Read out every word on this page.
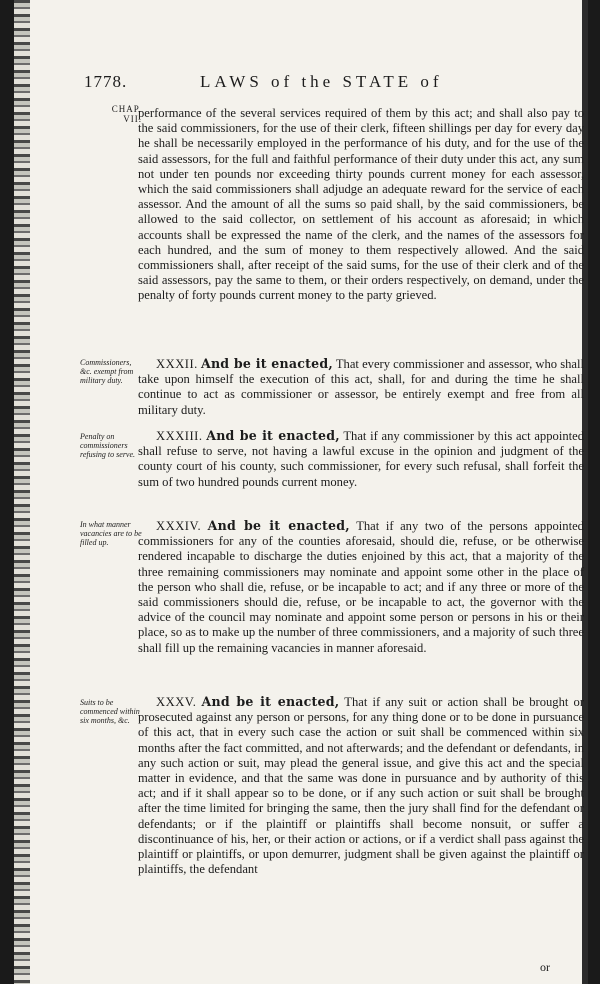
1778.	LAWS of the STATE of
CHAP. VII.

performance of the several services required of them by this act; and shall also pay to the said commissioners, for the use of their clerk, fifteen shillings per day for every day he shall be necessarily employed in the performance of his duty, and for the use of the said assessors, for the full and faithful performance of their duty under this act, any sum not under ten pounds nor exceeding thirty pounds current money for each assessor, which the said commissioners shall adjudge an adequate reward for the service of each assessor. And the amount of all the sums so paid shall, by the said commissioners, be allowed to the said collector, on settlement of his account as aforesaid; in which accounts shall be expressed the name of the clerk, and the names of the assessors for each hundred, and the sum of money to them respectively allowed. And the said commissioners shall, after receipt of the said sums, for the use of their clerk and of the said assessors, pay the same to them, or their orders respectively, on demand, under the penalty of forty pounds current money to the party grieved.

Commissioners, &c. exempt from military duty.

XXXII. And be it enacted, That every commissioner and assessor, who shall take upon himself the execution of this act, shall, for and during the time he shall continue to act as commissioner or assessor, be entirely exempt and free from all military duty.

Penalty on commissioners refusing to serve.

XXXIII. And be it enacted, That if any commissioner by this act appointed shall refuse to serve, not having a lawful excuse in the opinion and judgment of the county court of his county, such commissioner, for every such refusal, shall forfeit the sum of two hundred pounds current money.

In what manner vacancies are to be filled up.

XXXIV. And be it enacted, That if any two of the persons appointed commissioners for any of the counties aforesaid, should die, refuse, or be otherwise rendered incapable to discharge the duties enjoined by this act, that a majority of the three remaining commissioners may nominate and appoint some other in the place of the person who shall die, refuse, or be incapable to act; and if any three or more of the said commissioners should die, refuse, or be incapable to act, the governor with the advice of the council may nominate and appoint some person or persons in his or their place, so as to make up the number of three commissioners, and a majority of such three shall fill up the remaining vacancies in manner aforesaid.

Suits to be commenced within six months, &c.

XXXV. And be it enacted, That if any suit or action shall be brought or prosecuted against any person or persons, for any thing done or to be done in pursuance of this act, that in every such case the action or suit shall be commenced within six months after the fact committed, and not afterwards; and the defendant or defendants, in any such action or suit, may plead the general issue, and give this act and the special matter in evidence, and that the same was done in pursuance and by authority of this act; and if it shall appear so to be done, or if any such action or suit shall be brought after the time limited for bringing the same, then the jury shall find for the defendant or defendants; or if the plaintiff or plaintiffs shall become nonsuit, or suffer a discontinuance of his, her, or their action or actions, or if a verdict shall pass against the plaintiff or plaintiffs, or upon demurrer, judgment shall be given against the plaintiff or plaintiffs, the defendant

or
